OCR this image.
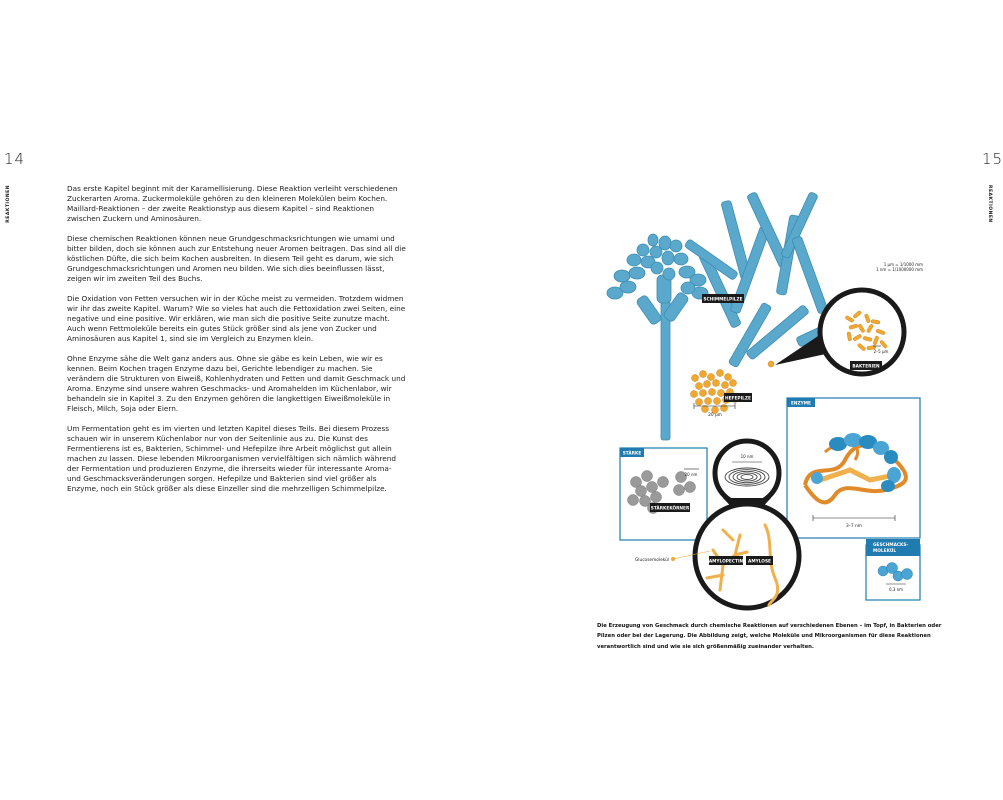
14	15
REAKTIONEN	REAKTIONEN

Das erste Kapitel beginnt mit der Karamellisierung. Diese Reaktion verleiht verschiedenen Zuckerarten Aroma. Zuckermoleküle gehören zu den kleineren Molekülen beim Kochen. Maillard-Reaktionen – der zweite Reaktionstyp aus diesem Kapitel – sind Reaktionen zwischen Zuckern und Aminosäuren.

Diese chemischen Reaktionen können neue Grundgeschmacksrichtungen wie umami und bitter bilden, doch sie können auch zur Entstehung neuer Aromen beitragen. Das sind all die köstlichen Düfte, die sich beim Kochen ausbreiten. In diesem Teil geht es darum, wie sich Grundgeschmacksrichtungen und Aromen neu bilden. Wie sich dies beeinflussen lässt, zeigen wir im zweiten Teil des Buchs.

Die Oxidation von Fetten versuchen wir in der Küche meist zu vermeiden. Trotzdem widmen wir ihr das zweite Kapitel. Warum? Wie so vieles hat auch die Fettoxidation zwei Seiten, eine negative und eine positive. Wir erklären, wie man sich die positive Seite zunutze macht. Auch wenn Fettmoleküle bereits ein gutes Stück größer sind als jene von Zucker und Aminosäuren aus Kapitel 1, sind sie im Vergleich zu Enzymen klein.

Ohne Enzyme sähe die Welt ganz anders aus. Ohne sie gäbe es kein Leben, wie wir es kennen. Beim Kochen tragen Enzyme dazu bei, Gerichte lebendiger zu machen. Sie verändern die Strukturen von Eiweiß, Kohlenhydraten und Fetten und damit Geschmack und Aroma. Enzyme sind unsere wahren Geschmacks- und Aromahelden im Küchenlabor, wir behandeln sie in Kapitel 3. Zu den Enzymen gehören die langkettigen Eiweißmoleküle in Fleisch, Milch, Soja oder Eiern.

Um Fermentation geht es im vierten und letzten Kapitel dieses Teils. Bei diesem Prozess schauen wir in unserem Küchenlabor nur von der Seitenlinie aus zu. Die Kunst des Fermentierens ist es, Bakterien, Schimmel- und Hefepilze ihre Arbeit möglichst gut allein machen zu lassen. Diese lebenden Mikroorganismen vervielfältigen sich nämlich während der Fermentation und produzieren Enzyme, die ihrerseits wieder für interessante Aroma- und Geschmacksveränderungen sorgen. Hefepilze und Bakterien sind viel größer als Enzyme, noch ein Stück größer als diese Einzeller sind die mehrzelligen Schimmelpilze.

SCHIMMELPILZE
HEFEPILZE
20 µm
2–5 µm
BAKTERIEN
1 µm = 1/1000 mm
1 nm = 1/1000000 mm
ENZYME
3–7 nm
STÄRKE
20 nm
STÄRKEKÖRNER
10 nm
AMYLOPECTIN AMYLOSE
Glucosemolekül
GESCHMACKS-
MOLEKÜL
0,3 nm
Die Erzeugung von Geschmack durch chemische Reaktionen auf verschiedenen Ebenen – im Topf, in Bakterien oder Pilzen oder bei der Lagerung. Die Abbildung zeigt, welche Moleküle und Mikroorganismen für diese Reaktionen verantwortlich sind und wie sie sich größenmäßig zueinander verhalten.
